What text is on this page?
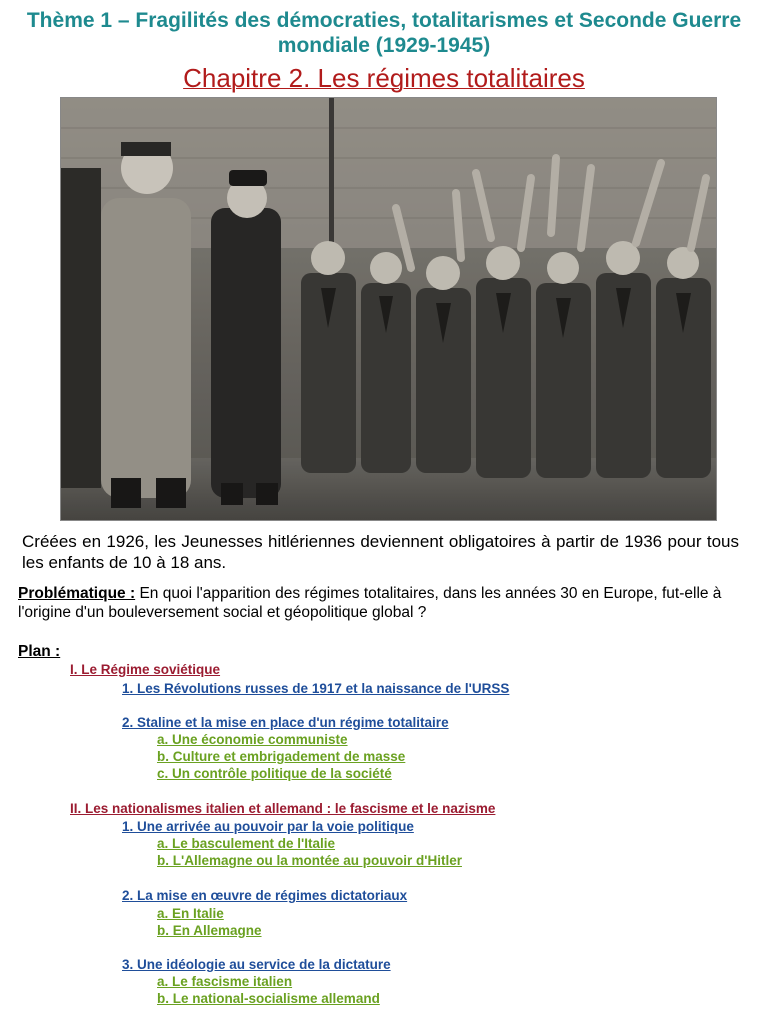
Thème 1 – Fragilités des démocraties, totalitarismes et Seconde Guerre mondiale (1929-1945)
Chapitre 2. Les régimes totalitaires
Créées en 1926, les Jeunesses hitlériennes deviennent obligatoires à partir de 1936 pour tous les enfants de 10 à 18 ans.
Problématique : En quoi l'apparition des régimes totalitaires, dans les années 30 en Europe, fut-elle à l'origine d'un bouleversement social et géopolitique global ?
Plan :
I. Le Régime soviétique
1. Les Révolutions russes de 1917 et la naissance de l'URSS
2. Staline et la mise en place d'un régime totalitaire
a. Une économie communiste
b. Culture et embrigadement de masse
c. Un contrôle politique de la société
II. Les nationalismes italien et allemand : le fascisme et le nazisme
1. Une arrivée au pouvoir par la voie politique
a. Le basculement de l'Italie
b. L'Allemagne ou la montée au pouvoir d'Hitler
2. La mise en œuvre de régimes dictatoriaux
a. En Italie
b. En Allemagne
3. Une idéologie au service de la dictature
a. Le fascisme italien
b. Le national-socialisme allemand
